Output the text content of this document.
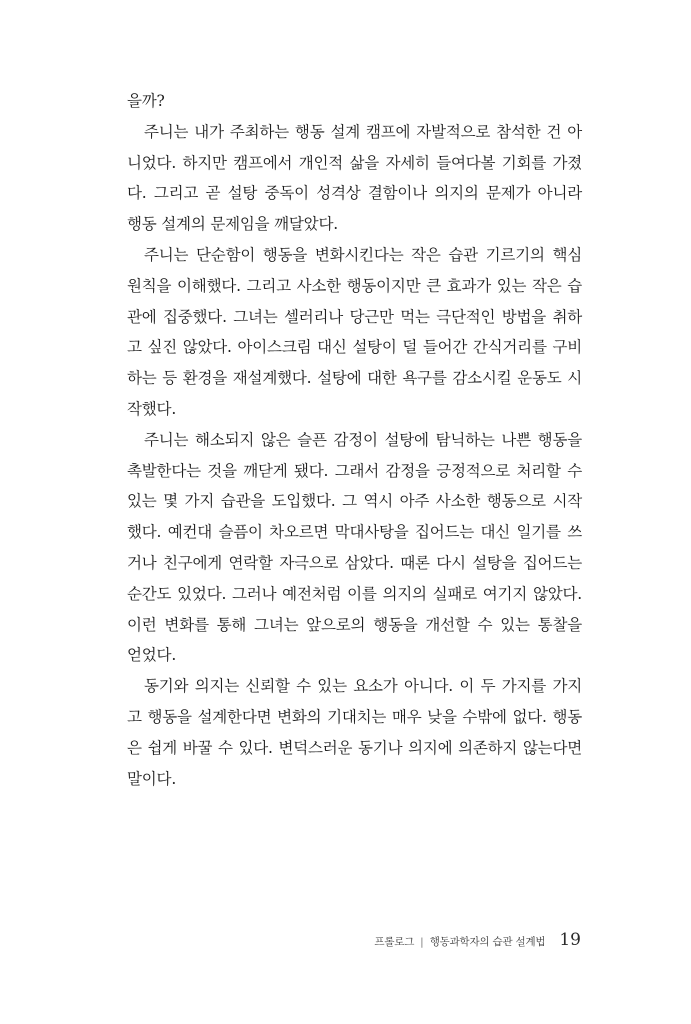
을까?
주니는 내가 주최하는 행동 설계 캠프에 자발적으로 참석한 건 아
니었다. 하지만 캠프에서 개인적 삶을 자세히 들여다볼 기회를 가졌
다. 그리고 곧 설탕 중독이 성격상 결함이나 의지의 문제가 아니라
행동 설계의 문제임을 깨달았다.
주니는 단순함이 행동을 변화시킨다는 작은 습관 기르기의 핵심
원칙을 이해했다. 그리고 사소한 행동이지만 큰 효과가 있는 작은 습
관에 집중했다. 그녀는 셀러리나 당근만 먹는 극단적인 방법을 취하
고 싶진 않았다. 아이스크림 대신 설탕이 덜 들어간 간식거리를 구비
하는 등 환경을 재설계했다. 설탕에 대한 욕구를 감소시킬 운동도 시
작했다.
주니는 해소되지 않은 슬픈 감정이 설탕에 탐닉하는 나쁜 행동을
촉발한다는 것을 깨닫게 됐다. 그래서 감정을 긍정적으로 처리할 수
있는 몇 가지 습관을 도입했다. 그 역시 아주 사소한 행동으로 시작
했다. 예컨대 슬픔이 차오르면 막대사탕을 집어드는 대신 일기를 쓰
거나 친구에게 연락할 자극으로 삼았다. 때론 다시 설탕을 집어드는
순간도 있었다. 그러나 예전처럼 이를 의지의 실패로 여기지 않았다.
이런 변화를 통해 그녀는 앞으로의 행동을 개선할 수 있는 통찰을
얻었다.
동기와 의지는 신뢰할 수 있는 요소가 아니다. 이 두 가지를 가지
고 행동을 설계한다면 변화의 기대치는 매우 낮을 수밖에 없다. 행동
은 쉽게 바꿀 수 있다. 변덕스러운 동기나 의지에 의존하지 않는다면
말이다.
프롤로그 | 행동과학자의 습관 설계법 19
